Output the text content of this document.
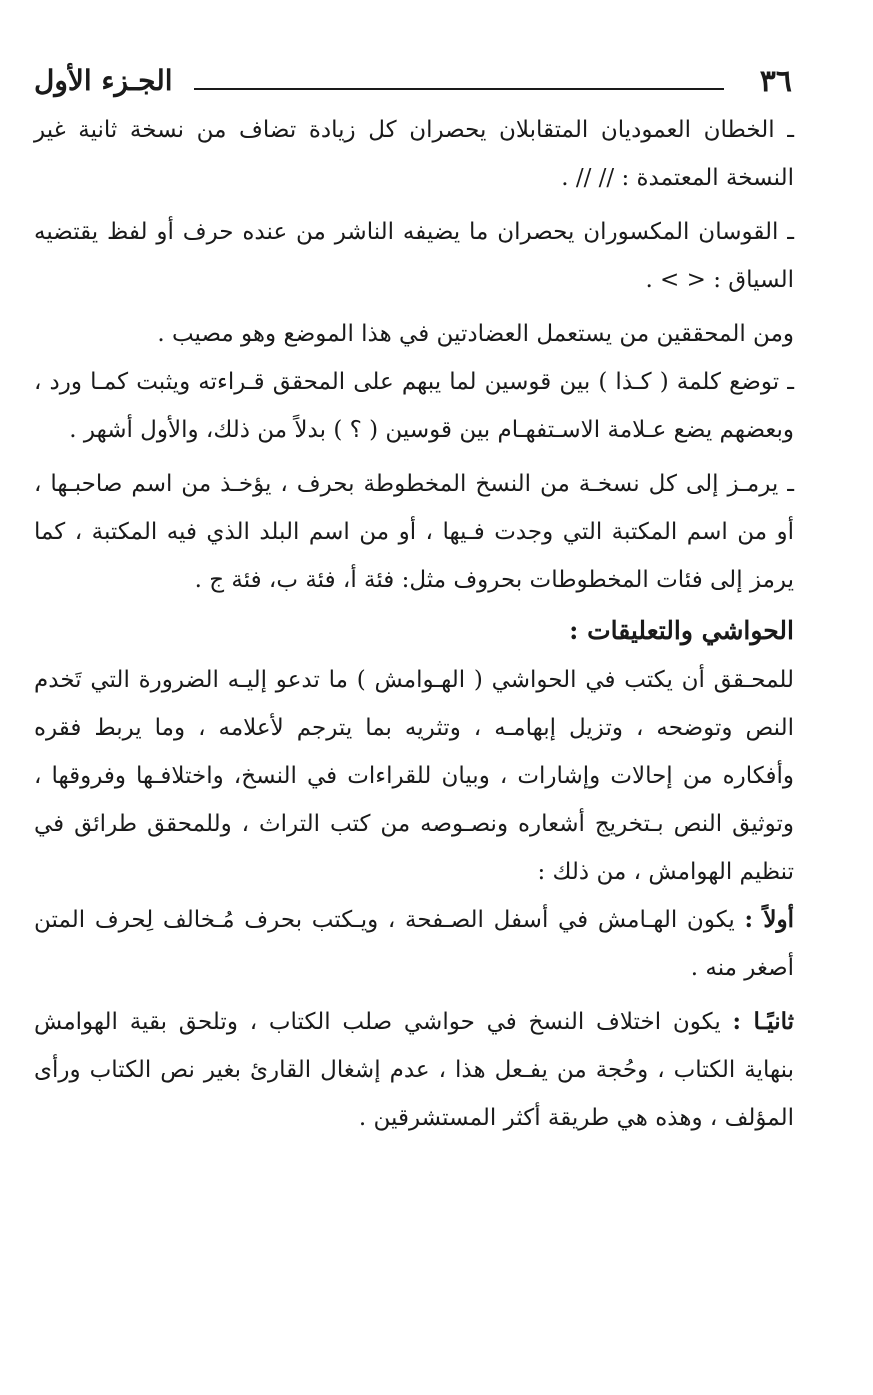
٣٦
الجـزء الأول

ـ الخطان العموديان المتقابلان يحصران كل زيادة تضاف من نسخة ثانية غير النسخة المعتمدة : // // .

ـ القوسان المكسوران يحصران ما يضيفه الناشر من عنده حرف أو لفظ يقتضيه السياق : < > .

ومن المحققين من يستعمل العضادتين في هذا الموضع وهو مصيب .

ـ توضع كلمة ( كـذا ) بين قوسين لما يبهم على المحقق قـراءته ويثبت كمـا ورد ، وبعضهم يضع عـلامة الاسـتفهـام بين قوسين ( ؟ ) بدلاً من ذلك، والأول أشهر .

ـ يرمـز إلى كل نسخـة من النسخ المخطوطة بحرف ، يؤخـذ من اسم صاحبـها ، أو من اسم المكتبة التي وجدت فـيها ، أو من اسم البلد الذي فيه المكتبة ، كما يرمز إلى فئات المخطوطات بحروف مثل: فئة أ، فئة ب، فئة ج .

الحواشي والتعليقات :

للمحـقق أن يكتب في الحواشي ( الهـوامش ) ما تدعو إليـه الضرورة التي تَخدم النص وتوضحه ، وتزيل إبهامـه ، وتثريه بما يترجم لأعلامه ، وما يربط فقره وأفكاره من إحالات وإشارات ، وبيان للقراءات في النسخ، واختلافـها وفروقها ، وتوثيق النص بـتخريج أشعاره ونصـوصه من كتب التراث ، وللمحقق طرائق في تنظيم الهوامش ، من ذلك :

أولاً : يكون الهـامش في أسفل الصـفحة ، ويـكتب بحرف مُـخالف لِحرف المتن أصغر منه .

ثانيًـا : يكون اختلاف النسخ في حواشي صلب الكتاب ، وتلحق بقية الهوامش بنهاية الكتاب ، وحُجة من يفـعل هذا ، عدم إشغال القارئ بغير نص الكتاب ورأى المؤلف ، وهذه هي طريقة أكثر المستشرقين .
